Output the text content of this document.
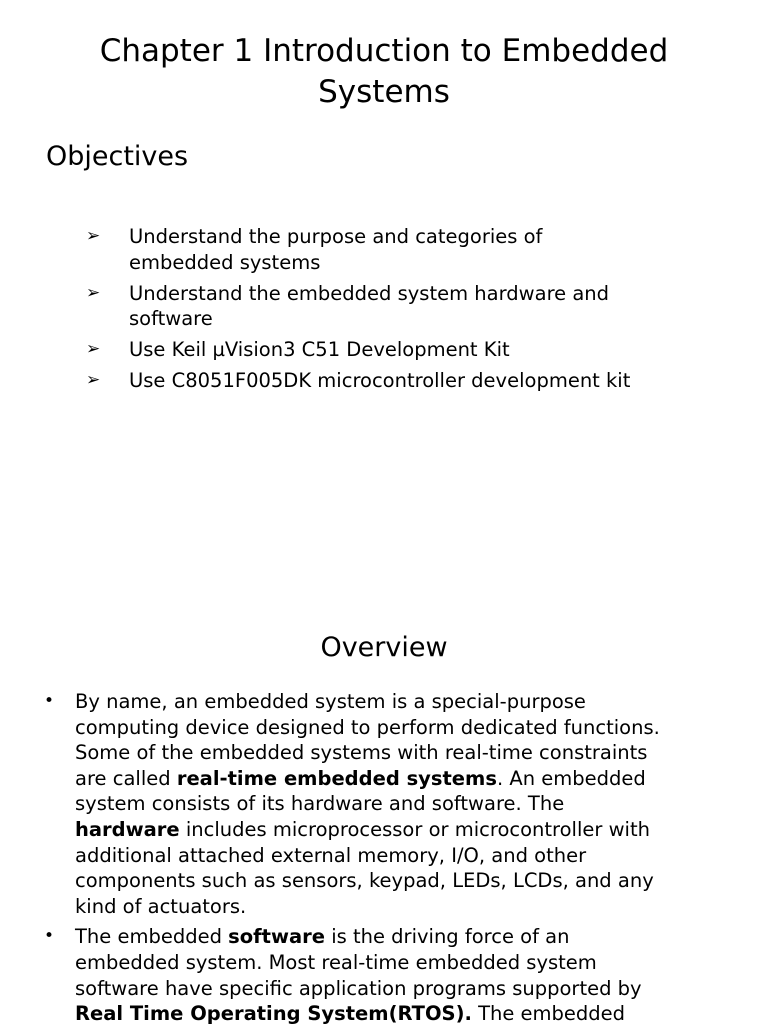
Chapter 1 Introduction to Embedded
Systems
Objectives
➢ Understand the purpose and categories of
embedded systems
➢ Understand the embedded system hardware and
software
➢ Use Keil µVision3 C51 Development Kit
➢ Use C8051F005DK microcontroller development kit
Overview
• By name, an embedded system is a special-purpose
computing device designed to perform dedicated functions.
Some of the embedded systems with real-time constraints
are called real-time embedded systems. An embedded
system consists of its hardware and software. The
hardware includes microprocessor or microcontroller with
additional attached external memory, I/O, and other
components such as sensors, keypad, LEDs, LCDs, and any
kind of actuators.
• The embedded software is the driving force of an
embedded system. Most real-time embedded system
software have specific application programs supported by
Real Time Operating System(RTOS). The embedded
